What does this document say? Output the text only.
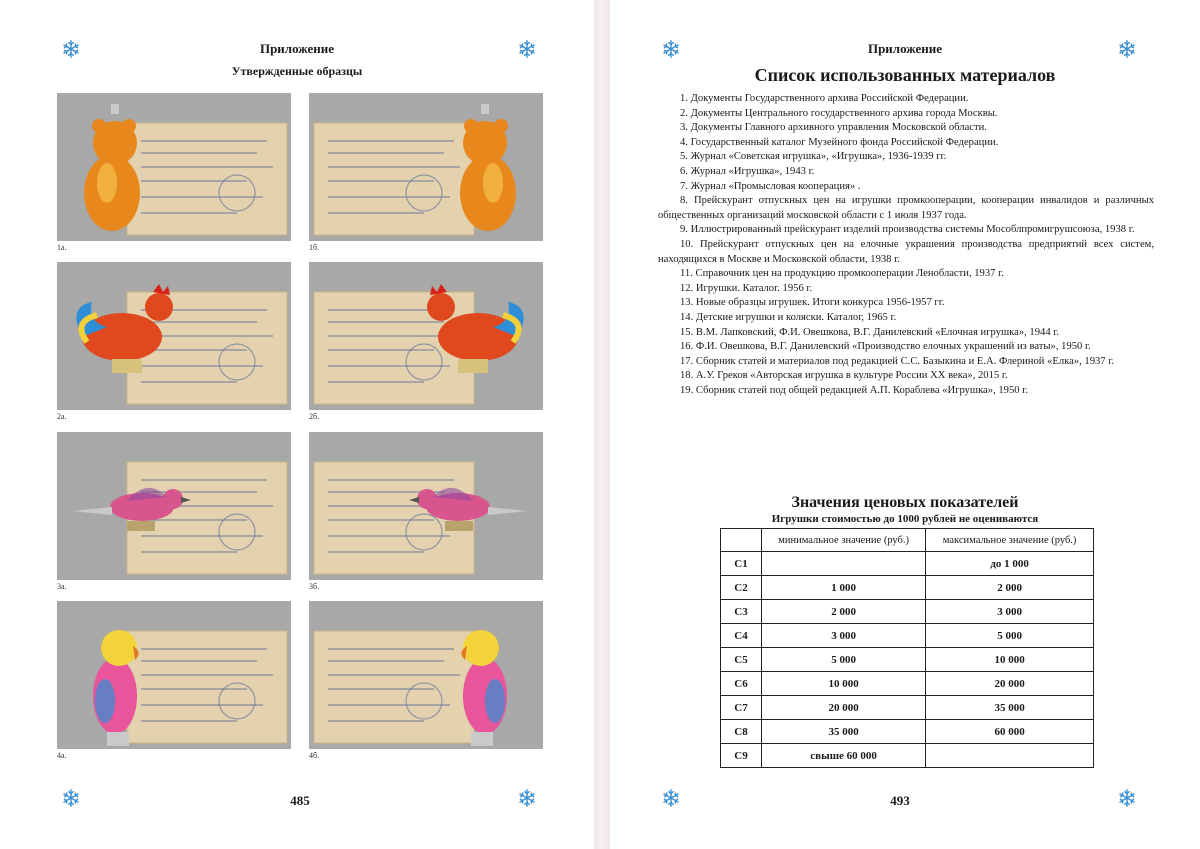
Приложение
Утвержденные образцы
1а.	1б.
2а.	2б.
3а.	3б.
4а.	4б.
485
Приложение
Список использованных материалов
1. Документы Государственного архива Российской Федерации.
2. Документы Центрального государственного архива города Москвы.
3. Документы Главного архивного управления Московской области.
4. Государственный каталог Музейного фонда Российской Федерации.
5. Журнал «Советская игрушка», «Игрушка», 1936-1939 гг.
6. Журнал «Игрушка», 1943 г.
7. Журнал «Промысловая кооперация» .
8. Прейскурант отпускных цен на игрушки промкооперации, кооперации инвалидов и различных общественных организаций московской области с 1 июля 1937 года.
9. Иллюстрированный прейскурант изделий производства системы Мособлпромигрушсоюза, 1938 г.
10. Прейскурант отпускных цен на елочные украшения производства предприятий всех систем, находящихся в Москве и Московской области, 1938 г.
11. Справочник цен на продукцию промкооперации Ленобласти, 1937 г.
12. Игрушки. Каталог. 1956 г.
13. Новые образцы игрушек. Итоги конкурса 1956-1957 гг.
14. Детские игрушки и коляски. Каталог, 1965 г.
15. В.М. Лапковский, Ф.И. Овешкова, В.Г. Данилевский «Елочная игрушка», 1944 г.
16. Ф.И. Овешкова, В.Г. Данилевский «Производство елочных украшений из ваты», 1950 г.
17. Сборник статей и материалов под редакцией С.С. Базыкина и Е.А. Флериной «Елка», 1937 г.
18. А.У. Греков «Авторская игрушка в культуре России XX века», 2015 г.
19. Сборник статей под общей редакцией А.П. Кораблева «Игрушка», 1950 г.
Значения ценовых показателей
Игрушки стоимостью до 1000 рублей не оцениваются
	минимальное значение (руб.)	максимальное значение (руб.)
С1		до 1 000
С2	1 000	2 000
С3	2 000	3 000
С4	3 000	5 000
С5	5 000	10 000
С6	10 000	20 000
С7	20 000	35 000
С8	35 000	60 000
С9	свыше 60 000	
493
